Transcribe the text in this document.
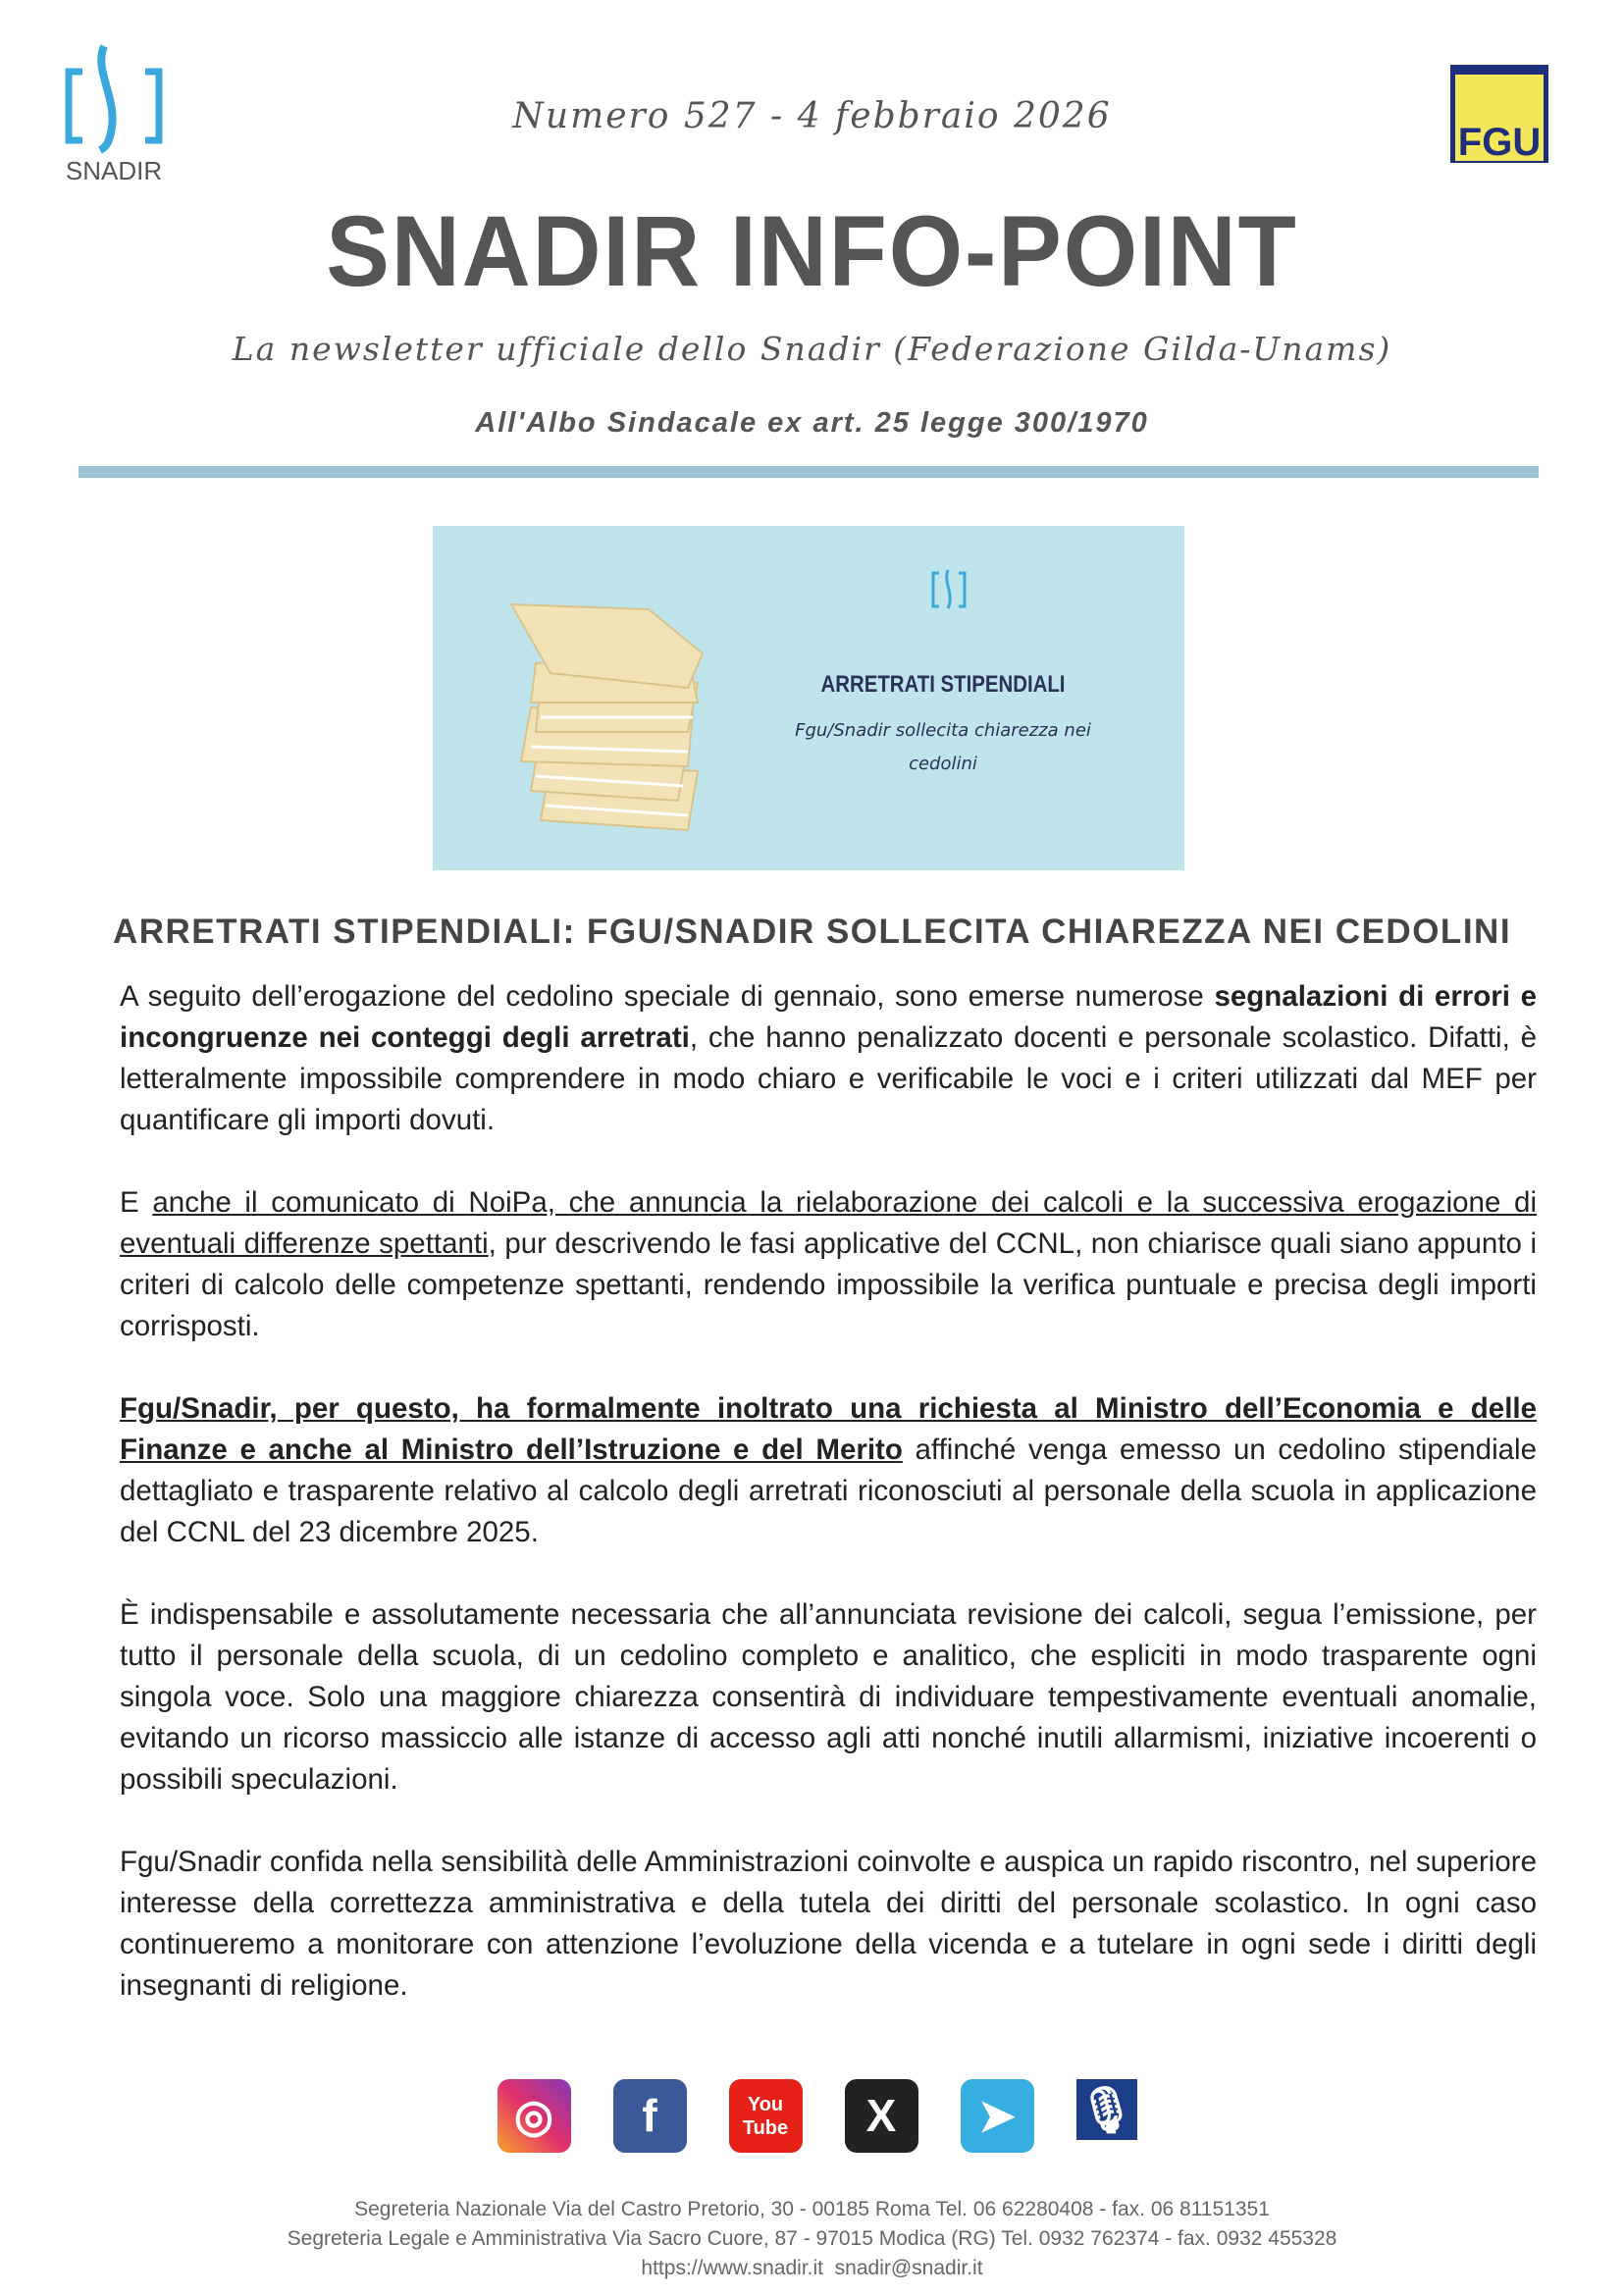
SNADIR
FGU
Numero 527 - 4 febbraio 2026
SNADIR INFO-POINT
La newsletter ufficiale dello Snadir (Federazione Gilda-Unams)
All'Albo Sindacale ex art. 25 legge 300/1970
ARRETRATI STIPENDIALI
Fgu/Snadir sollecita chiarezza nei cedolini
ARRETRATI STIPENDIALI: FGU/SNADIR SOLLECITA CHIAREZZA NEI CEDOLINI

A seguito dell’erogazione del cedolino speciale di gennaio, sono emerse numerose segnalazioni di errori e incongruenze nei conteggi degli arretrati, che hanno penalizzato docenti e personale scolastico. Difatti, è letteralmente impossibile comprendere in modo chiaro e verificabile le voci e i criteri utilizzati dal MEF per quantificare gli importi dovuti.

E anche il comunicato di NoiPa, che annuncia la rielaborazione dei calcoli e la successiva erogazione di eventuali differenze spettanti, pur descrivendo le fasi applicative del CCNL, non chiarisce quali siano appunto i criteri di calcolo delle competenze spettanti, rendendo impossibile la verifica puntuale e precisa degli importi corrisposti.

Fgu/Snadir, per questo, ha formalmente inoltrato una richiesta al Ministro dell’Economia e delle Finanze e anche al Ministro dell’Istruzione e del Merito affinché venga emesso un cedolino stipendiale dettagliato e trasparente relativo al calcolo degli arretrati riconosciuti al personale della scuola in applicazione del CCNL del 23 dicembre 2025.

È indispensabile e assolutamente necessaria che all’annunciata revisione dei calcoli, segua l’emissione, per tutto il personale della scuola, di un cedolino completo e analitico, che espliciti in modo trasparente ogni singola voce. Solo una maggiore chiarezza consentirà di individuare tempestivamente eventuali anomalie, evitando un ricorso massiccio alle istanze di accesso agli atti nonché inutili allarmismi, iniziative incoerenti o possibili speculazioni.

Fgu/Snadir confida nella sensibilità delle Amministrazioni coinvolte e auspica un rapido riscontro, nel superiore interesse della correttezza amministrativa e della tutela dei diritti del personale scolastico. In ogni caso continueremo a monitorare con attenzione l’evoluzione della vicenda e a tutelare in ogni sede i diritti degli insegnanti di religione.

◎	f	You Tube	X	➤	🎙
Segreteria Nazionale Via del Castro Pretorio, 30 - 00185 Roma Tel. 06 62280408 - fax. 06 81151351
Segreteria Legale e Amministrativa Via Sacro Cuore, 87 - 97015 Modica (RG) Tel. 0932 762374 - fax. 0932 455328
https://www.snadir.it snadir@snadir.it
